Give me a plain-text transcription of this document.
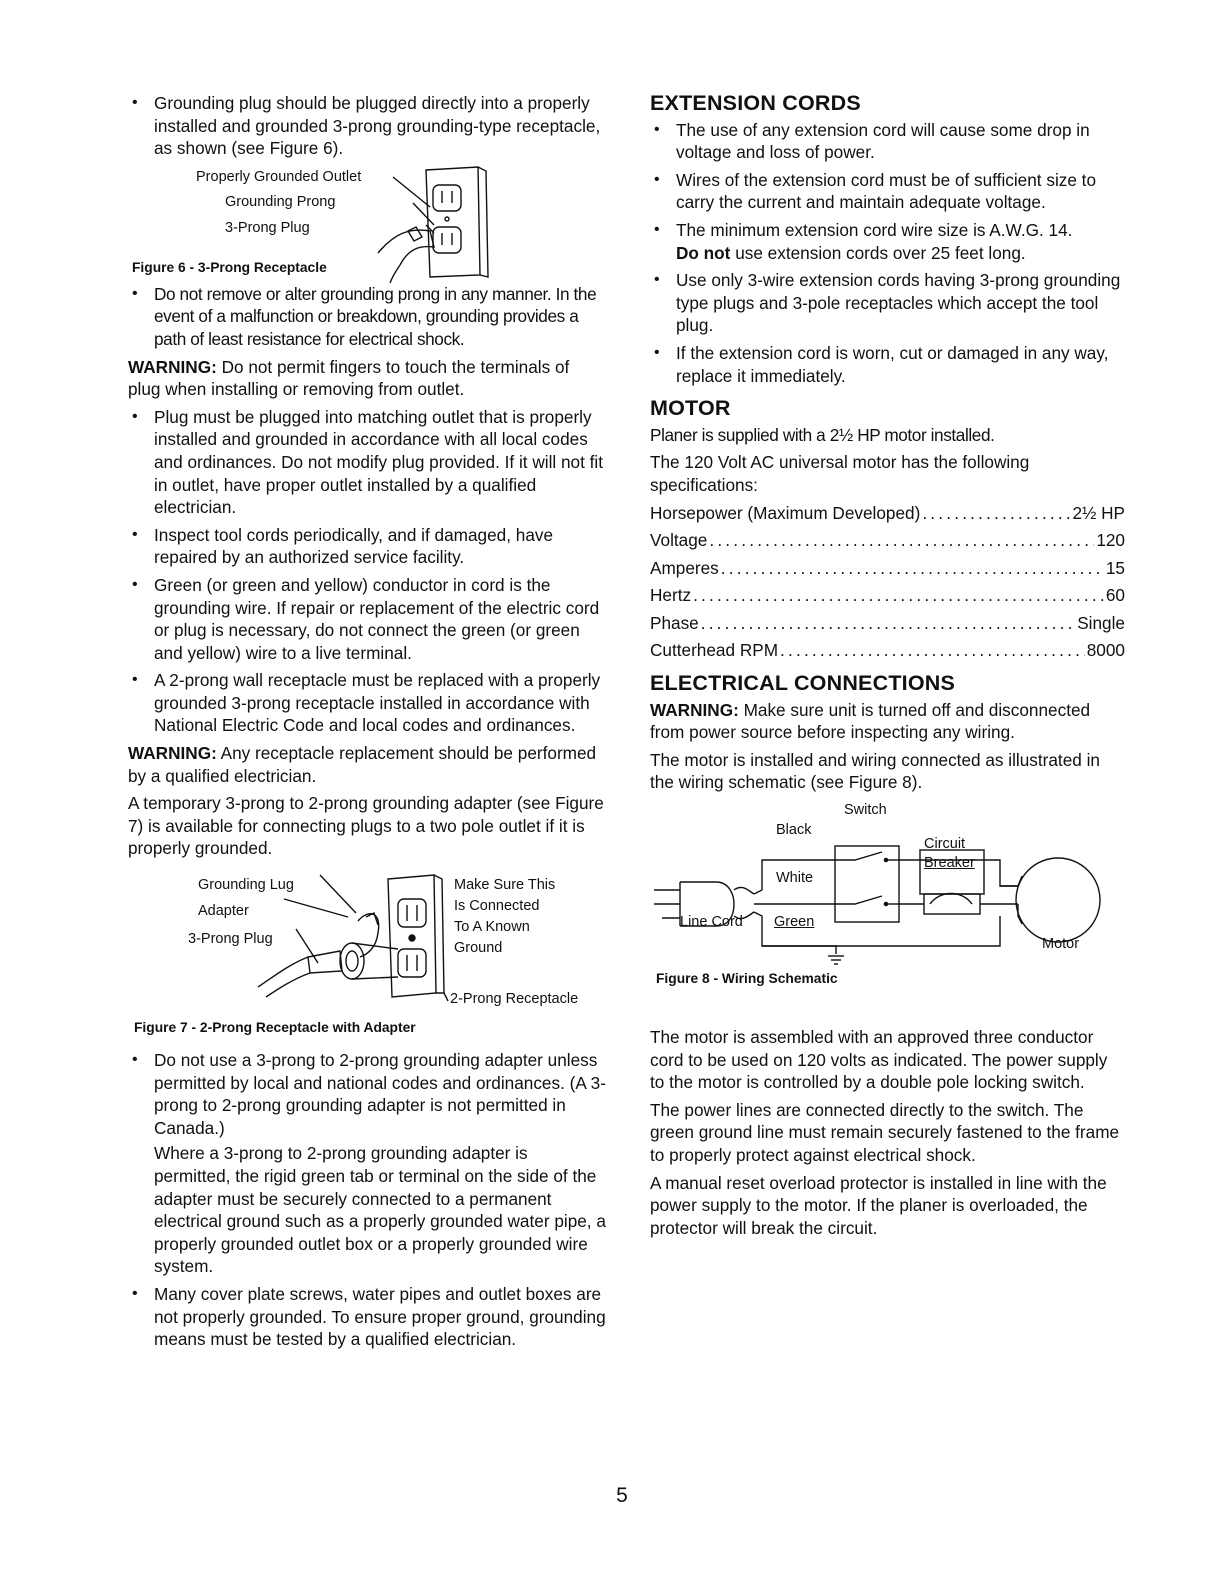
• Grounding plug should be plugged directly into a properly installed and grounded 3-prong grounding-type receptacle, as shown (see Figure 6).
Properly Grounded Outlet
Grounding Prong
3-Prong Plug
Figure 6 - 3-Prong Receptacle
• Do not remove or alter grounding prong in any manner. In the event of a malfunction or breakdown, grounding provides a path of least resistance for electrical shock.
WARNING: Do not permit fingers to touch the terminals of plug when installing or removing from outlet.
• Plug must be plugged into matching outlet that is properly installed and grounded in accordance with all local codes and ordinances. Do not modify plug provided. If it will not fit in outlet, have proper outlet installed by a qualified electrician.
• Inspect tool cords periodically, and if damaged, have repaired by an authorized service facility.
• Green (or green and yellow) conductor in cord is the grounding wire. If repair or replacement of the electric cord or plug is necessary, do not connect the green (or green and yellow) wire to a live terminal.
• A 2-prong wall receptacle must be replaced with a properly grounded 3-prong receptacle installed in accordance with National Electric Code and local codes and ordinances.
WARNING: Any receptacle replacement should be performed by a qualified electrician.
A temporary 3-prong to 2-prong grounding adapter (see Figure 7) is available for connecting plugs to a two pole outlet if it is properly grounded.
Grounding Lug
Adapter
3-Prong Plug
Make Sure This
Is Connected
To A Known
Ground
2-Prong Receptacle
Figure 7 - 2-Prong Receptacle with Adapter
• Do not use a 3-prong to 2-prong grounding adapter unless permitted by local and national codes and ordinances. (A 3-prong to 2-prong grounding adapter is not permitted in Canada.)
Where a 3-prong to 2-prong grounding adapter is permitted, the rigid green tab or terminal on the side of the adapter must be securely connected to a permanent electrical ground such as a properly grounded water pipe, a properly grounded outlet box or a properly grounded wire system.
• Many cover plate screws, water pipes and outlet boxes are not properly grounded. To ensure proper ground, grounding means must be tested by a qualified electrician.
EXTENSION CORDS
• The use of any extension cord will cause some drop in voltage and loss of power.
• Wires of the extension cord must be of sufficient size to carry the current and maintain adequate voltage.
• The minimum extension cord wire size is A.W.G. 14.
Do not use extension cords over 25 feet long.
• Use only 3-wire extension cords having 3-prong grounding type plugs and 3-pole receptacles which accept the tool plug.
• If the extension cord is worn, cut or damaged in any way, replace it immediately.
MOTOR
Planer is supplied with a 2½ HP motor installed.
The 120 Volt AC universal motor has the following specifications:
Horsepower (Maximum Developed) .....	2½ HP
Voltage .....	120
Amperes .....	15
Hertz .....	60
Phase .....	Single
Cutterhead RPM .....	8000
ELECTRICAL CONNECTIONS
WARNING: Make sure unit is turned off and disconnected from power source before inspecting any wiring.
The motor is installed and wiring connected as illustrated in the wiring schematic (see Figure 8).
Switch
Black
White
Circuit
Breaker
Line Cord Green
Motor
Figure 8 - Wiring Schematic
The motor is assembled with an approved three conductor cord to be used on 120 volts as indicated. The power supply to the motor is controlled by a double pole locking switch.
The power lines are connected directly to the switch. The green ground line must remain securely fastened to the frame to properly protect against electrical shock.
A manual reset overload protector is installed in line with the power supply to the motor. If the planer is overloaded, the protector will break the circuit.
5
